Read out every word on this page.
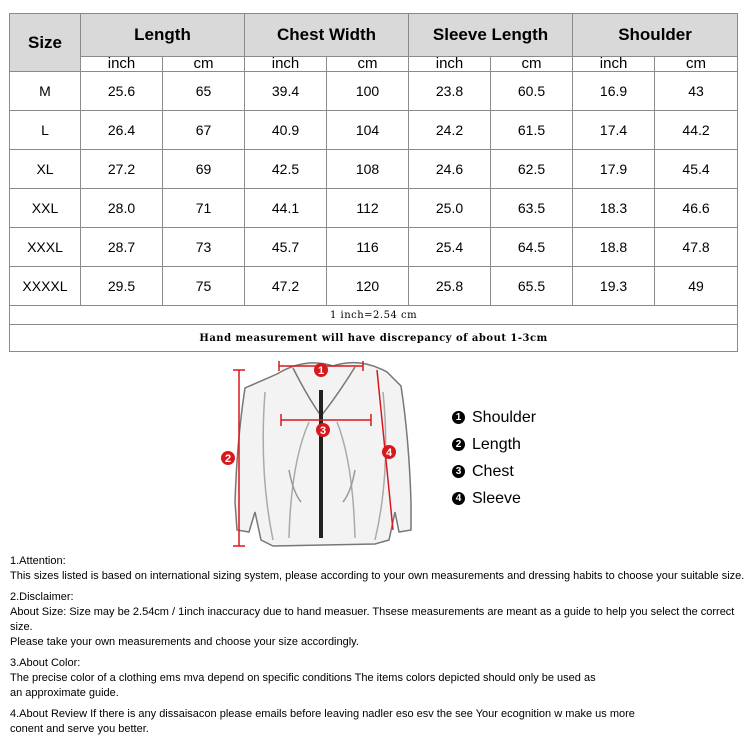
Size	Length		Chest Width		Sleeve Length		Shoulder	
	inch	cm	inch	cm	inch	cm	inch	cm
M	25.6	65	39.4	100	23.8	60.5	16.9	43
L	26.4	67	40.9	104	24.2	61.5	17.4	44.2
XL	27.2	69	42.5	108	24.6	62.5	17.9	45.4
XXL	28.0	71	44.1	112	25.0	63.5	18.3	46.6
XXXL	28.7	73	45.7	116	25.4	64.5	18.8	47.8
XXXXL	29.5	75	47.2	120	25.8	65.5	19.3	49
1 inch=2.54 cm								
Hand measurement will have discrepancy of about 1-3cm								
1
2
3
4
1 Shoulder
2 Length
3 Chest
4 Sleeve

1.Attention:
This sizes listed is based on international sizing system, please according to your own measurements and dressing habits to choose your suitable size.

2.Disclaimer:
About Size: Size may be 2.54cm / 1inch inaccuracy due to hand measuer. Thsese measurements are meant as a guide to help you select the correct size.
Please take your own measurements and choose your size accordingly.

3.About Color:
The precise color of a clothing ems mva depend on specific conditions The items colors depicted should only be used as
an approximate guide.

4.About Review If there is any dissaisacon please emails before leaving nadler eso esv the see Your ecognition w make us more
conent and serve you better.
